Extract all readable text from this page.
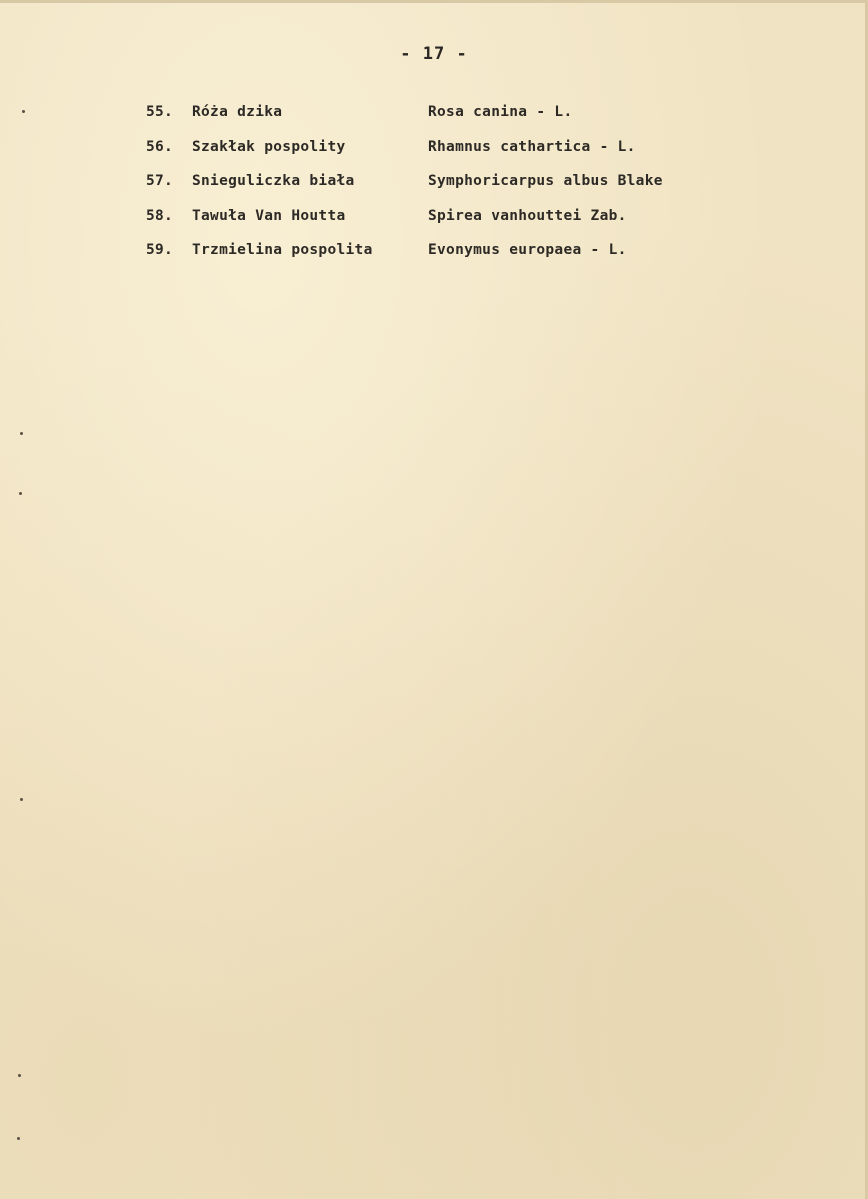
- 17 -
55. Róża dzika	Rosa canina - L.
56. Szakłak pospolity	Rhamnus cathartica - L.
57. Snieguliczka biała	Symphoricarpus albus Blake
58. Tawuła Van Houtta	Spirea vanhouttei Zab.
59. Trzmielina pospolita	Evonymus europaea - L.
